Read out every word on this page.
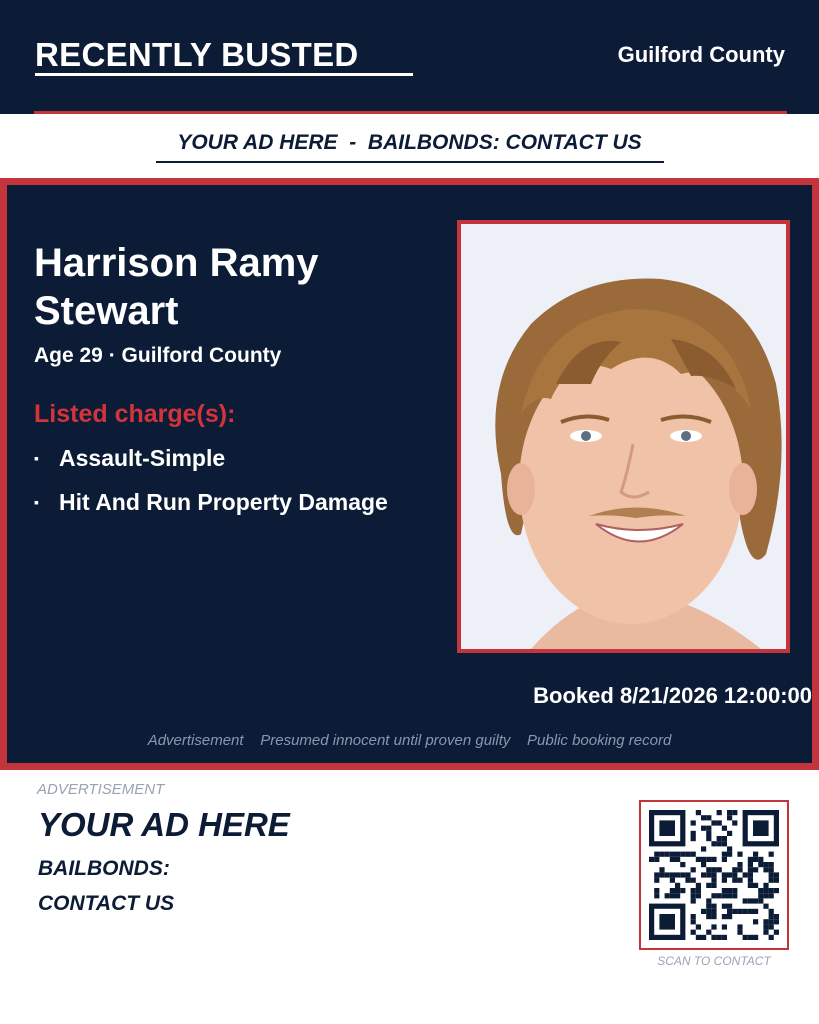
RECENTLY BUSTED	Guilford County
YOUR AD HERE  -  BAILBONDS: CONTACT US
Harrison Ramy Stewart
Age 29 · Guilford County
Listed charge(s):
▪ Assault-Simple
▪ Hit And Run Property Damage
Booked 8/21/2026 12:00:00
Advertisement    Presumed innocent until proven guilty    Public booking record
ADVERTISEMENT
YOUR AD HERE
BAILBONDS:
CONTACT US
SCAN TO CONTACT
